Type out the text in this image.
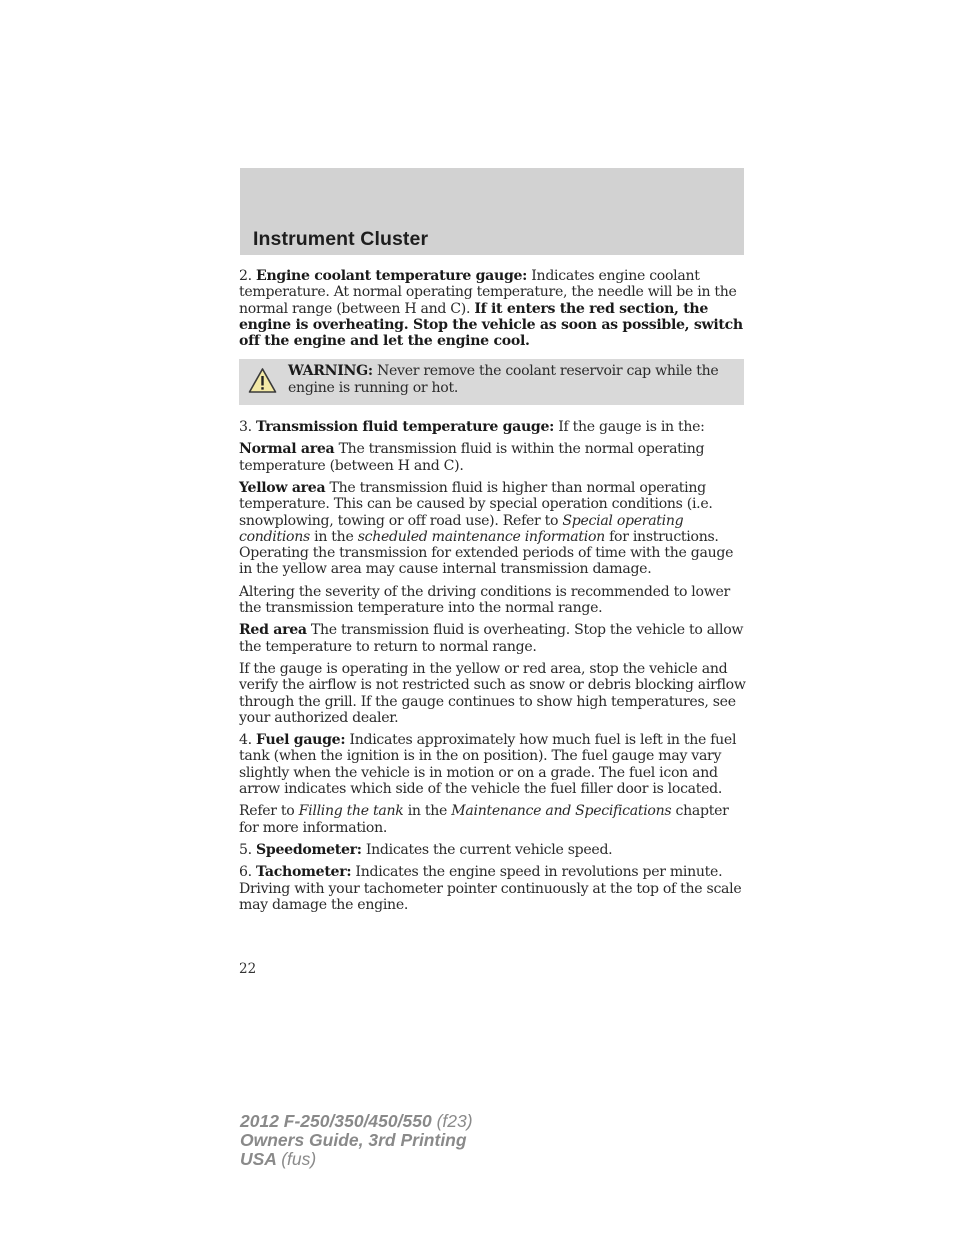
Instrument Cluster

2. Engine coolant temperature gauge: Indicates engine coolant temperature. At normal operating temperature, the needle will be in the normal range (between H and C). If it enters the red section, the engine is overheating. Stop the vehicle as soon as possible, switch off the engine and let the engine cool.

WARNING: Never remove the coolant reservoir cap while the engine is running or hot.

3. Transmission fluid temperature gauge: If the gauge is in the:

Normal area The transmission fluid is within the normal operating temperature (between H and C).

Yellow area The transmission fluid is higher than normal operating temperature. This can be caused by special operation conditions (i.e. snowplowing, towing or off road use). Refer to Special operating conditions in the scheduled maintenance information for instructions. Operating the transmission for extended periods of time with the gauge in the yellow area may cause internal transmission damage.

Altering the severity of the driving conditions is recommended to lower the transmission temperature into the normal range.

Red area The transmission fluid is overheating. Stop the vehicle to allow the temperature to return to normal range.

If the gauge is operating in the yellow or red area, stop the vehicle and verify the airflow is not restricted such as snow or debris blocking airflow through the grill. If the gauge continues to show high temperatures, see your authorized dealer.

4. Fuel gauge: Indicates approximately how much fuel is left in the fuel tank (when the ignition is in the on position). The fuel gauge may vary slightly when the vehicle is in motion or on a grade. The fuel icon and arrow indicates which side of the vehicle the fuel filler door is located.

Refer to Filling the tank in the Maintenance and Specifications chapter for more information.

5. Speedometer: Indicates the current vehicle speed.

6. Tachometer: Indicates the engine speed in revolutions per minute. Driving with your tachometer pointer continuously at the top of the scale may damage the engine.

22
2012 F-250/350/450/550 (f23)
Owners Guide, 3rd Printing
USA (fus)
